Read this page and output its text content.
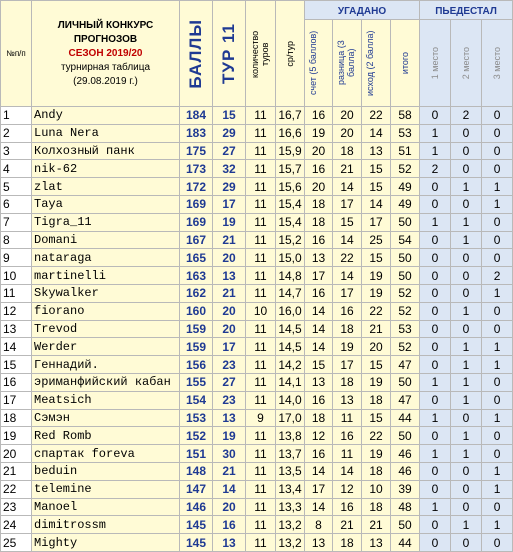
№п/п	ЛИЧНЫЙ КОНКУРС
ПРОГНОЗОВ
СЕЗОН 2019/20
турнирная таблица
(29.08.2019 г.)	БАЛЛЫ	ТУР 11	количество туров	ср/тур	УГАДАНО				ПЬЕДЕСТАЛ		

						счет (5 баллов)	разница (3 балла)	исход (2 балла)	итого	1 место	2 место	3 место

1	Andy	184	15	11	16,7	16	20	22	58	0	2	0
2	Luna Nera	183	29	11	16,6	19	20	14	53	1	0	0
3	Колхозный панк	175	27	11	15,9	20	18	13	51	1	0	0
4	nik-62	173	32	11	15,7	16	21	15	52	2	0	0
5	zlat	172	29	11	15,6	20	14	15	49	0	1	1
6	Taya	169	17	11	15,4	18	17	14	49	0	0	1
7	Tigra_11	169	19	11	15,4	18	15	17	50	1	1	0
8	Domani	167	21	11	15,2	16	14	25	54	0	1	0
9	nataraga	165	20	11	15,0	13	22	15	50	0	0	0
10	martinelli	163	13	11	14,8	17	14	19	50	0	0	2
11	Skywalker	162	21	11	14,7	16	17	19	52	0	0	1
12	fiorano	160	20	10	16,0	14	16	22	52	0	1	0
13	Trevod	159	20	11	14,5	14	18	21	53	0	0	0
14	Werder	159	17	11	14,5	14	19	20	52	0	1	1
15	Геннадий.	156	23	11	14,2	15	17	15	47	0	1	1
16	эриманфийский кабан	155	27	11	14,1	13	18	19	50	1	1	0
17	Meatsich	154	23	11	14,0	16	13	18	47	0	1	0
18	Сэмэн	153	13	9	17,0	18	11	15	44	1	0	1
19	Red Romb	152	19	11	13,8	12	16	22	50	0	1	0
20	спартак foreva	151	30	11	13,7	16	11	19	46	1	1	0
21	beduin	148	21	11	13,5	14	14	18	46	0	0	1
22	telemine	147	14	11	13,4	17	12	10	39	0	0	1
23	Manoel	146	20	11	13,3	14	16	18	48	1	0	0
24	dimitrossm	145	16	11	13,2	8	21	21	50	0	1	1
25	Mighty	145	13	11	13,2	13	18	13	44	0	0	0
